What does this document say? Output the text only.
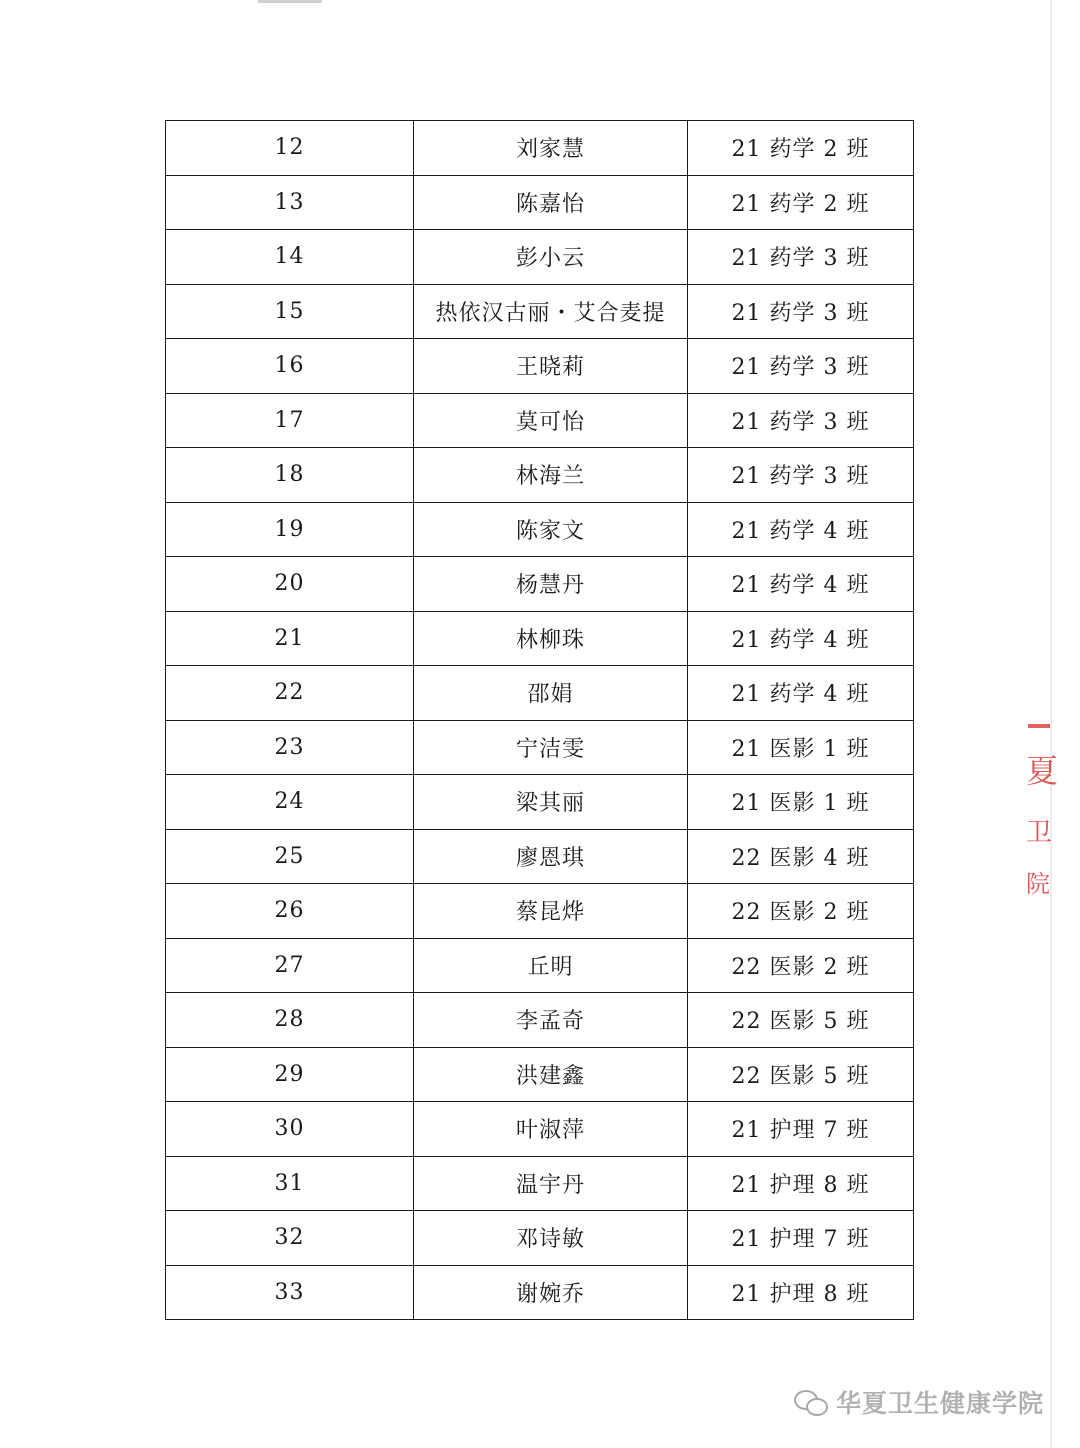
12	刘家慧	21 药学 2 班
13	陈嘉怡	21 药学 2 班
14	彭小云	21 药学 3 班
15	热依汉古丽・艾合麦提	21 药学 3 班
16	王晓莉	21 药学 3 班
17	莫可怡	21 药学 3 班
18	林海兰	21 药学 3 班
19	陈家文	21 药学 4 班
20	杨慧丹	21 药学 4 班
21	林柳珠	21 药学 4 班
22	邵娟	21 药学 4 班
23	宁洁雯	21 医影 1 班
24	梁其丽	21 医影 1 班
25	廖恩琪	22 医影 4 班
26	蔡昆烨	22 医影 2 班
27	丘明	22 医影 2 班
28	李孟奇	22 医影 5 班
29	洪建鑫	22 医影 5 班
30	叶淑萍	21 护理 7 班
31	温宇丹	21 护理 8 班
32	邓诗敏	21 护理 7 班
33	谢婉乔	21 护理 8 班
夏
卫
院
华夏卫生健康学院
